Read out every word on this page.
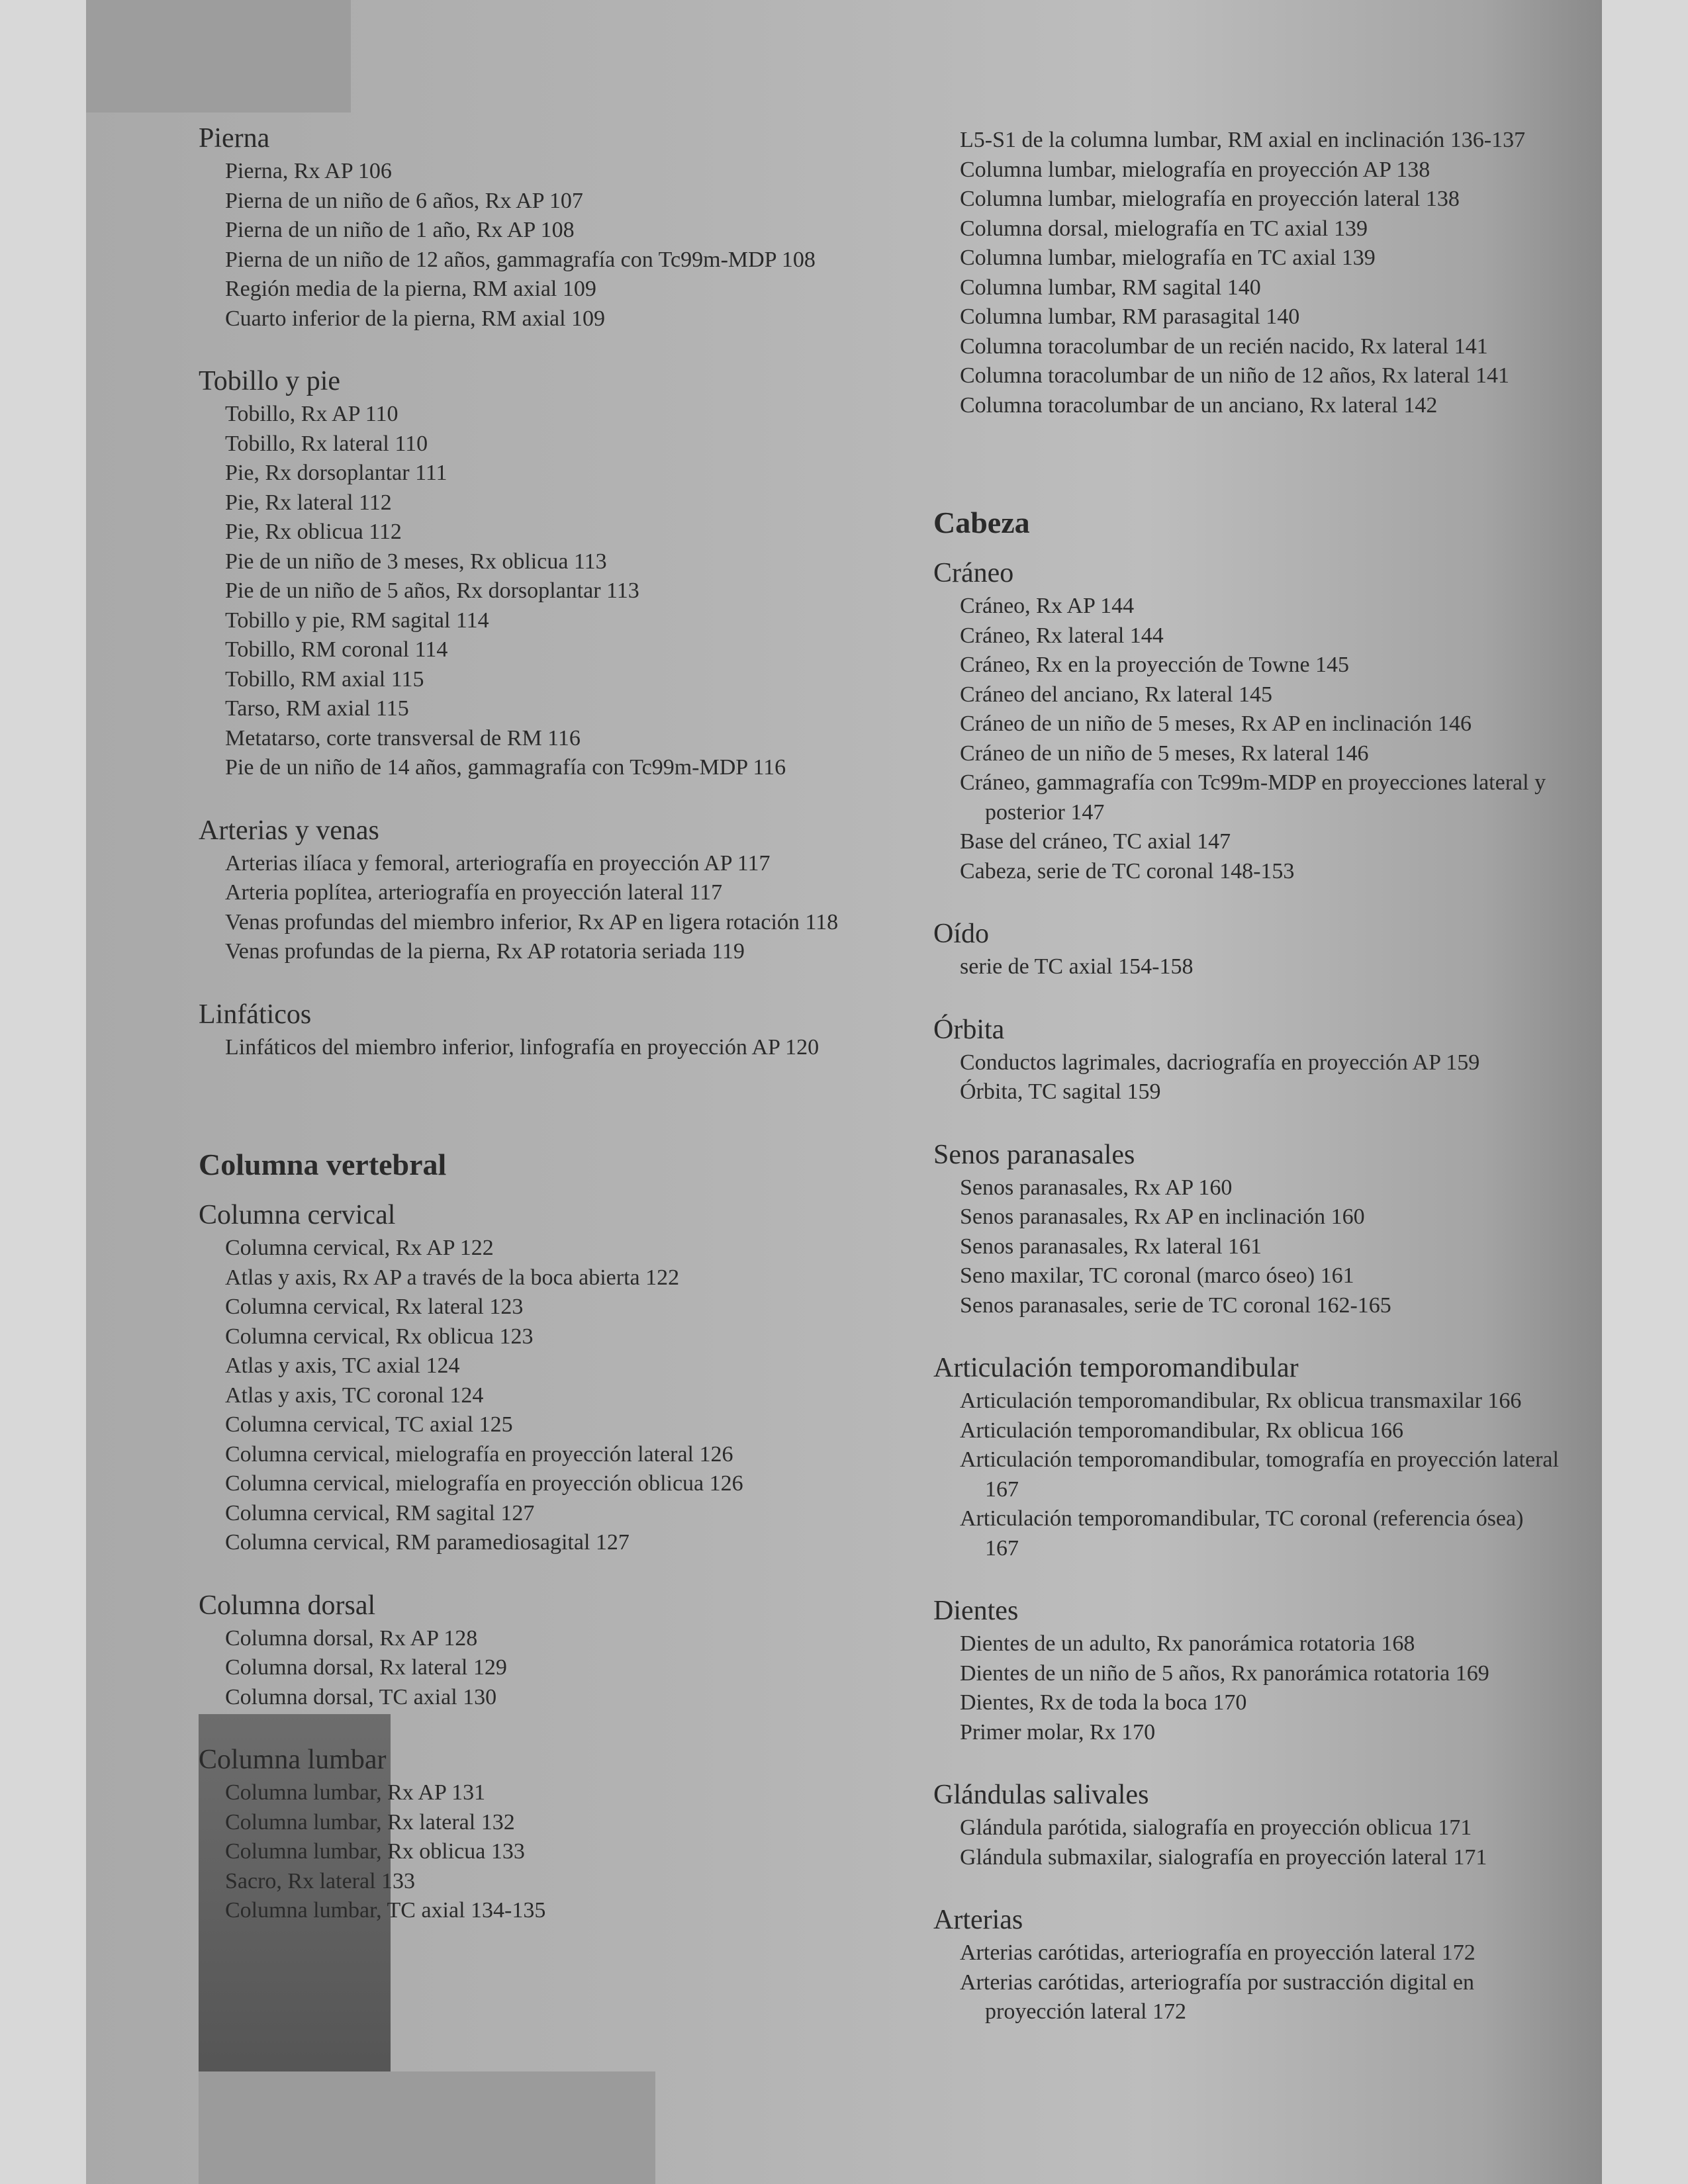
Pierna
Pierna, Rx AP 106
Pierna de un niño de 6 años, Rx AP 107
Pierna de un niño de 1 año, Rx AP 108
Pierna de un niño de 12 años, gammagrafía con Tc99m-MDP 108
Región media de la pierna, RM axial 109
Cuarto inferior de la pierna, RM axial 109
Tobillo y pie
Tobillo, Rx AP 110
Tobillo, Rx lateral 110
Pie, Rx dorsoplantar 111
Pie, Rx lateral 112
Pie, Rx oblicua 112
Pie de un niño de 3 meses, Rx oblicua 113
Pie de un niño de 5 años, Rx dorsoplantar 113
Tobillo y pie, RM sagital 114
Tobillo, RM coronal 114
Tobillo, RM axial 115
Tarso, RM axial 115
Metatarso, corte transversal de RM 116
Pie de un niño de 14 años, gammagrafía con Tc99m-MDP 116
Arterias y venas
Arterias ilíaca y femoral, arteriografía en proyección AP 117
Arteria poplítea, arteriografía en proyección lateral 117
Venas profundas del miembro inferior, Rx AP en ligera rotación 118
Venas profundas de la pierna, Rx AP rotatoria seriada 119
Linfáticos
Linfáticos del miembro inferior, linfografía en proyección AP 120
Columna vertebral
Columna cervical
Columna cervical, Rx AP 122
Atlas y axis, Rx AP a través de la boca abierta 122
Columna cervical, Rx lateral 123
Columna cervical, Rx oblicua 123
Atlas y axis, TC axial 124
Atlas y axis, TC coronal 124
Columna cervical, TC axial 125
Columna cervical, mielografía en proyección lateral 126
Columna cervical, mielografía en proyección oblicua 126
Columna cervical, RM sagital 127
Columna cervical, RM paramediosagital 127
Columna dorsal
Columna dorsal, Rx AP 128
Columna dorsal, Rx lateral 129
Columna dorsal, TC axial 130
Columna lumbar
Columna lumbar, Rx AP 131
Columna lumbar, Rx lateral 132
Columna lumbar, Rx oblicua 133
Sacro, Rx lateral 133
Columna lumbar, TC axial 134-135
L5-S1 de la columna lumbar, RM axial en inclinación 136-137
Columna lumbar, mielografía en proyección AP 138
Columna lumbar, mielografía en proyección lateral 138
Columna dorsal, mielografía en TC axial 139
Columna lumbar, mielografía en TC axial 139
Columna lumbar, RM sagital 140
Columna lumbar, RM parasagital 140
Columna toracolumbar de un recién nacido, Rx lateral 141
Columna toracolumbar de un niño de 12 años, Rx lateral 141
Columna toracolumbar de un anciano, Rx lateral 142
Cabeza
Cráneo
Cráneo, Rx AP 144
Cráneo, Rx lateral 144
Cráneo, Rx en la proyección de Towne 145
Cráneo del anciano, Rx lateral 145
Cráneo de un niño de 5 meses, Rx AP en inclinación 146
Cráneo de un niño de 5 meses, Rx lateral 146
Cráneo, gammagrafía con Tc99m-MDP en proyecciones lateral y posterior 147
Base del cráneo, TC axial 147
Cabeza, serie de TC coronal 148-153
Oído
serie de TC axial 154-158
Órbita
Conductos lagrimales, dacriografía en proyección AP 159
Órbita, TC sagital 159
Senos paranasales
Senos paranasales, Rx AP 160
Senos paranasales, Rx AP en inclinación 160
Senos paranasales, Rx lateral 161
Seno maxilar, TC coronal (marco óseo) 161
Senos paranasales, serie de TC coronal 162-165
Articulación temporomandibular
Articulación temporomandibular, Rx oblicua transmaxilar 166
Articulación temporomandibular, Rx oblicua 166
Articulación temporomandibular, tomografía en proyección lateral 167
Articulación temporomandibular, TC coronal (referencia ósea) 167
Dientes
Dientes de un adulto, Rx panorámica rotatoria 168
Dientes de un niño de 5 años, Rx panorámica rotatoria 169
Dientes, Rx de toda la boca 170
Primer molar, Rx 170
Glándulas salivales
Glándula parótida, sialografía en proyección oblicua 171
Glándula submaxilar, sialografía en proyección lateral 171
Arterias
Arterias carótidas, arteriografía en proyección lateral 172
Arterias carótidas, arteriografía por sustracción digital en proyección lateral 172
